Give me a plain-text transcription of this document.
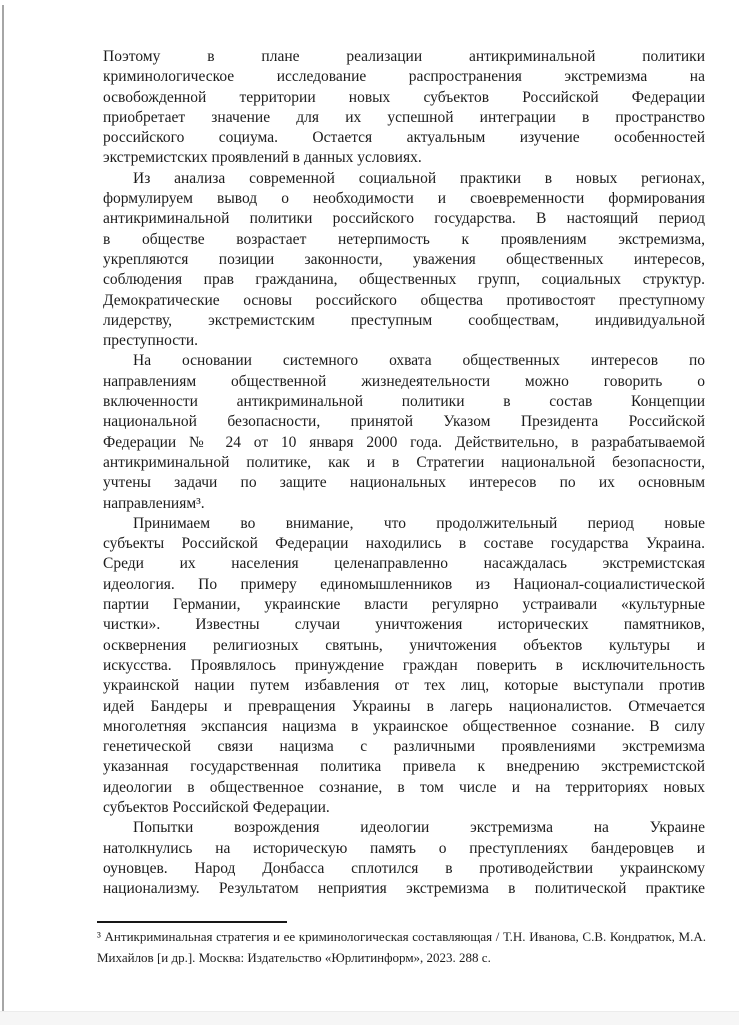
Поэтому в плане реализации антикриминальной политики
криминологическое исследование распространения экстремизма на
освобожденной территории новых субъектов Российской Федерации
приобретает значение для их успешной интеграции в пространство
российского социума. Остается актуальным изучение особенностей
экстремистских проявлений в данных условиях.
Из анализа современной социальной практики в новых регионах,
формулируем вывод о необходимости и своевременности формирования
антикриминальной политики российского государства. В настоящий период
в обществе возрастает нетерпимость к проявлениям экстремизма,
укрепляются позиции законности, уважения общественных интересов,
соблюдения прав гражданина, общественных групп, социальных структур.
Демократические основы российского общества противостоят преступному
лидерству, экстремистским преступным сообществам, индивидуальной
преступности.
На основании системного охвата общественных интересов по
направлениям общественной жизнедеятельности можно говорить о
включенности антикриминальной политики в состав Концепции
национальной безопасности, принятой Указом Президента Российской
Федерации № 24 от 10 января 2000 года. Действительно, в разрабатываемой
антикриминальной политике, как и в Стратегии национальной безопасности,
учтены задачи по защите национальных интересов по их основным
направлениям³.
Принимаем во внимание, что продолжительный период новые
субъекты Российской Федерации находились в составе государства Украина.
Среди их населения целенаправленно насаждалась экстремистская
идеология. По примеру единомышленников из Национал-социалистической
партии Германии, украинские власти регулярно устраивали «культурные
чистки». Известны случаи уничтожения исторических памятников,
осквернения религиозных святынь, уничтожения объектов культуры и
искусства. Проявлялось принуждение граждан поверить в исключительность
украинской нации путем избавления от тех лиц, которые выступали против
идей Бандеры и превращения Украины в лагерь националистов. Отмечается
многолетняя экспансия нацизма в украинское общественное сознание. В силу
генетической связи нацизма с различными проявлениями экстремизма
указанная государственная политика привела к внедрению экстремистской
идеологии в общественное сознание, в том числе и на территориях новых
субъектов Российской Федерации.
Попытки возрождения идеологии экстремизма на Украине
натолкнулись на историческую память о преступлениях бандеровцев и
оуновцев. Народ Донбасса сплотился в противодействии украинскому
национализму. Результатом неприятия экстремизма в политической практике
³ Антикриминальная стратегия и ее криминологическая составляющая / Т.Н. Иванова, С.В. Кондратюк, М.А.
Михайлов [и др.]. Москва: Издательство «Юрлитинформ», 2023. 288 с.
